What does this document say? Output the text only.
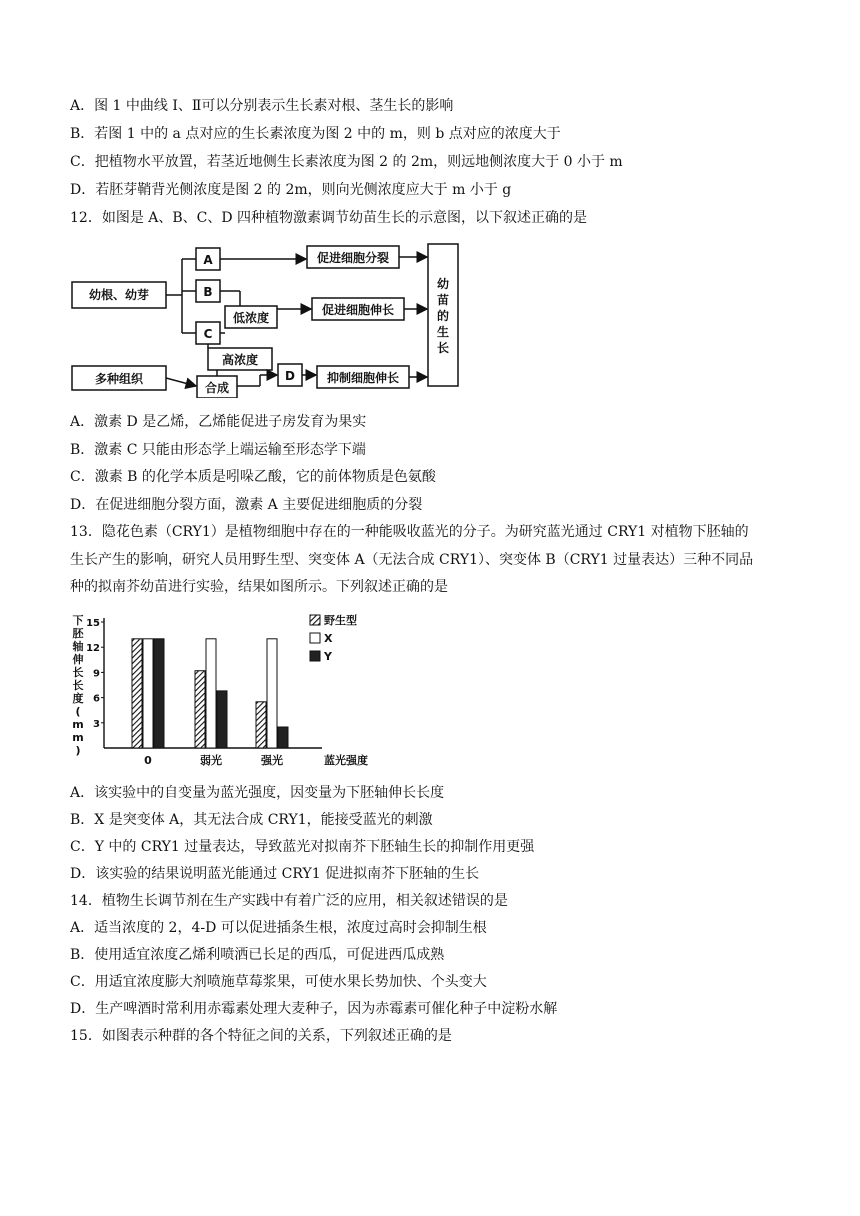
A．图 1 中曲线 I、Ⅱ可以分别表示生长素对根、茎生长的影响
B．若图 1 中的 a 点对应的生长素浓度为图 2 中的 m，则 b 点对应的浓度大于
C．把植物水平放置，若茎近地侧生长素浓度为图 2 的 2m，则远地侧浓度大于 0 小于 m
D．若胚芽鞘背光侧浓度是图 2 的 2m，则向光侧浓度应大于 m 小于 g
12．如图是 A、B、C、D 四种植物激素调节幼苗生长的示意图，以下叙述正确的是
幼根、幼芽
A
B
C
低浓度
高浓度
多种组织
合成
D
促进细胞分裂
促进细胞伸长
抑制细胞伸长
幼
苗
的
生
长
A．激素 D 是乙烯，乙烯能促进子房发育为果实
B．激素 C 只能由形态学上端运输至形态学下端
C．激素 B 的化学本质是吲哚乙酸，它的前体物质是色氨酸
D．在促进细胞分裂方面，激素 A 主要促进细胞质的分裂
13．隐花色素（CRY1）是植物细胞中存在的一种能吸收蓝光的分子。为研究蓝光通过 CRY1 对植物下胚轴的
生长产生的影响，研究人员用野生型、突变体 A（无法合成 CRY1）、突变体 B（CRY1 过量表达）三种不同品
种的拟南芥幼苗进行实验，结果如图所示。下列叙述正确的是
下
胚
轴
伸
长
长
度
(
m
m
)
3
6
9
12
15
0	弱光	强光	蓝光强度
野生型
X
Y
A．该实验中的自变量为蓝光强度，因变量为下胚轴伸长长度
B．X 是突变体 A，其无法合成 CRY1，能接受蓝光的刺激
C．Y 中的 CRY1 过量表达，导致蓝光对拟南芥下胚轴生长的抑制作用更强
D．该实验的结果说明蓝光能通过 CRY1 促进拟南芥下胚轴的生长
14．植物生长调节剂在生产实践中有着广泛的应用，相关叙述错误的是
A．适当浓度的 2，4-D 可以促进插条生根，浓度过高时会抑制生根
B．使用适宜浓度乙烯利喷洒已长足的西瓜，可促进西瓜成熟
C．用适宜浓度膨大剂喷施草莓浆果，可使水果长势加快、个头变大
D．生产啤酒时常利用赤霉素处理大麦种子，因为赤霉素可催化种子中淀粉水解
15．如图表示种群的各个特征之间的关系，下列叙述正确的是
